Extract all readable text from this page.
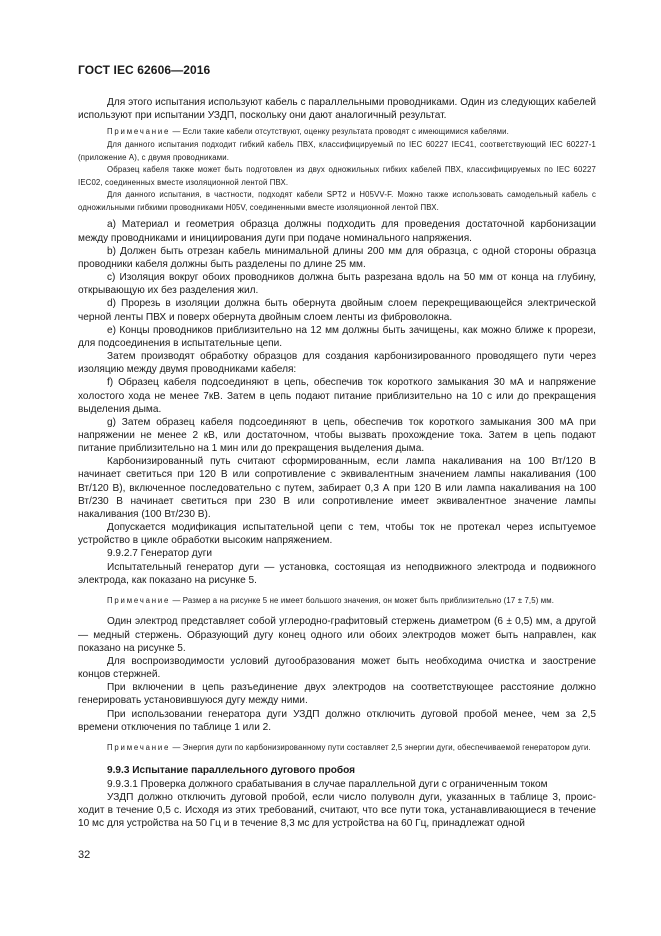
ГОСТ IEC 62606—2016

Для этого испытания используют кабель с параллельными проводниками. Один из следующих кабелей используют при испытании УЗДП, поскольку они дают аналогичный результат.

Примечание — Если такие кабели отсутствуют, оценку результата проводят с имеющимися кабелями.

Для данного испытания подходит гибкий кабель ПВХ, классифицируемый по IEC 60227 IEC41, соответствующий IEC 60227-1 (приложение А), с двумя проводниками.

Образец кабеля также может быть подготовлен из двух одножильных гибких кабелей ПВХ, классифицируемых по IEC 60227 IEC02, соединенных вместе изоляционной лентой ПВХ.

Для данного испытания, в частности, подходят кабели SPT2 и H05VV-F. Можно также использовать самодельный кабель с одножильными гибкими проводниками H05V, соединенными вместе изоляционной лентой ПВХ.

a) Материал и геометрия образца должны подходить для проведения достаточной карбонизации между проводниками и инициирования дуги при подаче номинального напряжения.

b) Должен быть отрезан кабель минимальной длины 200 мм для образца, с одной стороны образца проводники кабеля должны быть разделены по длине 25 мм.

c) Изоляция вокруг обоих проводников должна быть разрезана вдоль на 50 мм от конца на глубину, открывающую их без разделения жил.

d) Прорезь в изоляции должна быть обернута двойным слоем перекрещивающейся электрической черной ленты ПВХ и поверх обернута двойным слоем ленты из фиброволокна.

e) Концы проводников приблизительно на 12 мм должны быть зачищены, как можно ближе к прорези, для подсоединения в испытательные цепи.

Затем производят обработку образцов для создания карбонизированного проводящего пути через изоляцию между двумя проводниками кабеля:

f) Образец кабеля подсоединяют в цепь, обеспечив ток короткого замыкания 30 мА и напряжение холостого хода не менее 7кВ. Затем в цепь подают питание приблизительно на 10 с или до прекращения выделения дыма.

g) Затем образец кабеля подсоединяют в цепь, обеспечив ток короткого замыкания 300 мА при напряжении не менее 2 кВ, или достаточном, чтобы вызвать прохождение тока. Затем в цепь подают питание приблизительно на 1 мин или до прекращения выделения дыма.

Карбонизированный путь считают сформированным, если лампа накаливания на 100 Вт/120 В начинает светиться при 120 В или сопротивление с эквивалентным значением лампы накаливания (100 Вт/120 В), включенное последовательно с путем, забирает 0,3 А при 120 В или лампа накаливания на 100 Вт/230 В начинает светиться при 230 В или сопротивление имеет эквивалентное значение лампы накаливания (100 Вт/230 В).

Допускается модификация испытательной цепи с тем, чтобы ток не протекал через испытуемое устройство в цикле обработки высоким напряжением.

9.9.2.7 Генератор дуги

Испытательный генератор дуги — установка, состоящая из неподвижного электрода и подвижного электрода, как показано на рисунке 5.

Примечание — Размер a на рисунке 5 не имеет большого значения, он может быть приблизительно (17 ± 7,5) мм.

Один электрод представляет собой углеродно-графитовый стержень диаметром (6 ± 0,5) мм, а другой — медный стержень. Образующий дугу конец одного или обоих электродов может быть направлен, как показано на рисунке 5.

Для воспроизводимости условий дугообразования может быть необходима очистка и заострение концов стержней.

При включении в цепь разъединение двух электродов на соответствующее расстояние должно генерировать установившуюся дугу между ними.

При использовании генератора дуги УЗДП должно отключить дуговой пробой менее, чем за 2,5 времени отключения по таблице 1 или 2.

Примечание — Энергия дуги по карбонизированному пути составляет 2,5 энергии дуги, обеспечиваемой генератором дуги.

9.9.3 Испытание параллельного дугового пробоя

9.9.3.1 Проверка должного срабатывания в случае параллельной дуги с ограниченным током

УЗДП должно отключить дуговой пробой, если число полуволн дуги, указанных в таблице 3, происходит в течение 0,5 с. Исходя из этих требований, считают, что все пути тока, устанавливающиеся в течение 10 мс для устройства на 50 Гц и в течение 8,3 мс для устройства на 60 Гц, принадлежат одной

32
